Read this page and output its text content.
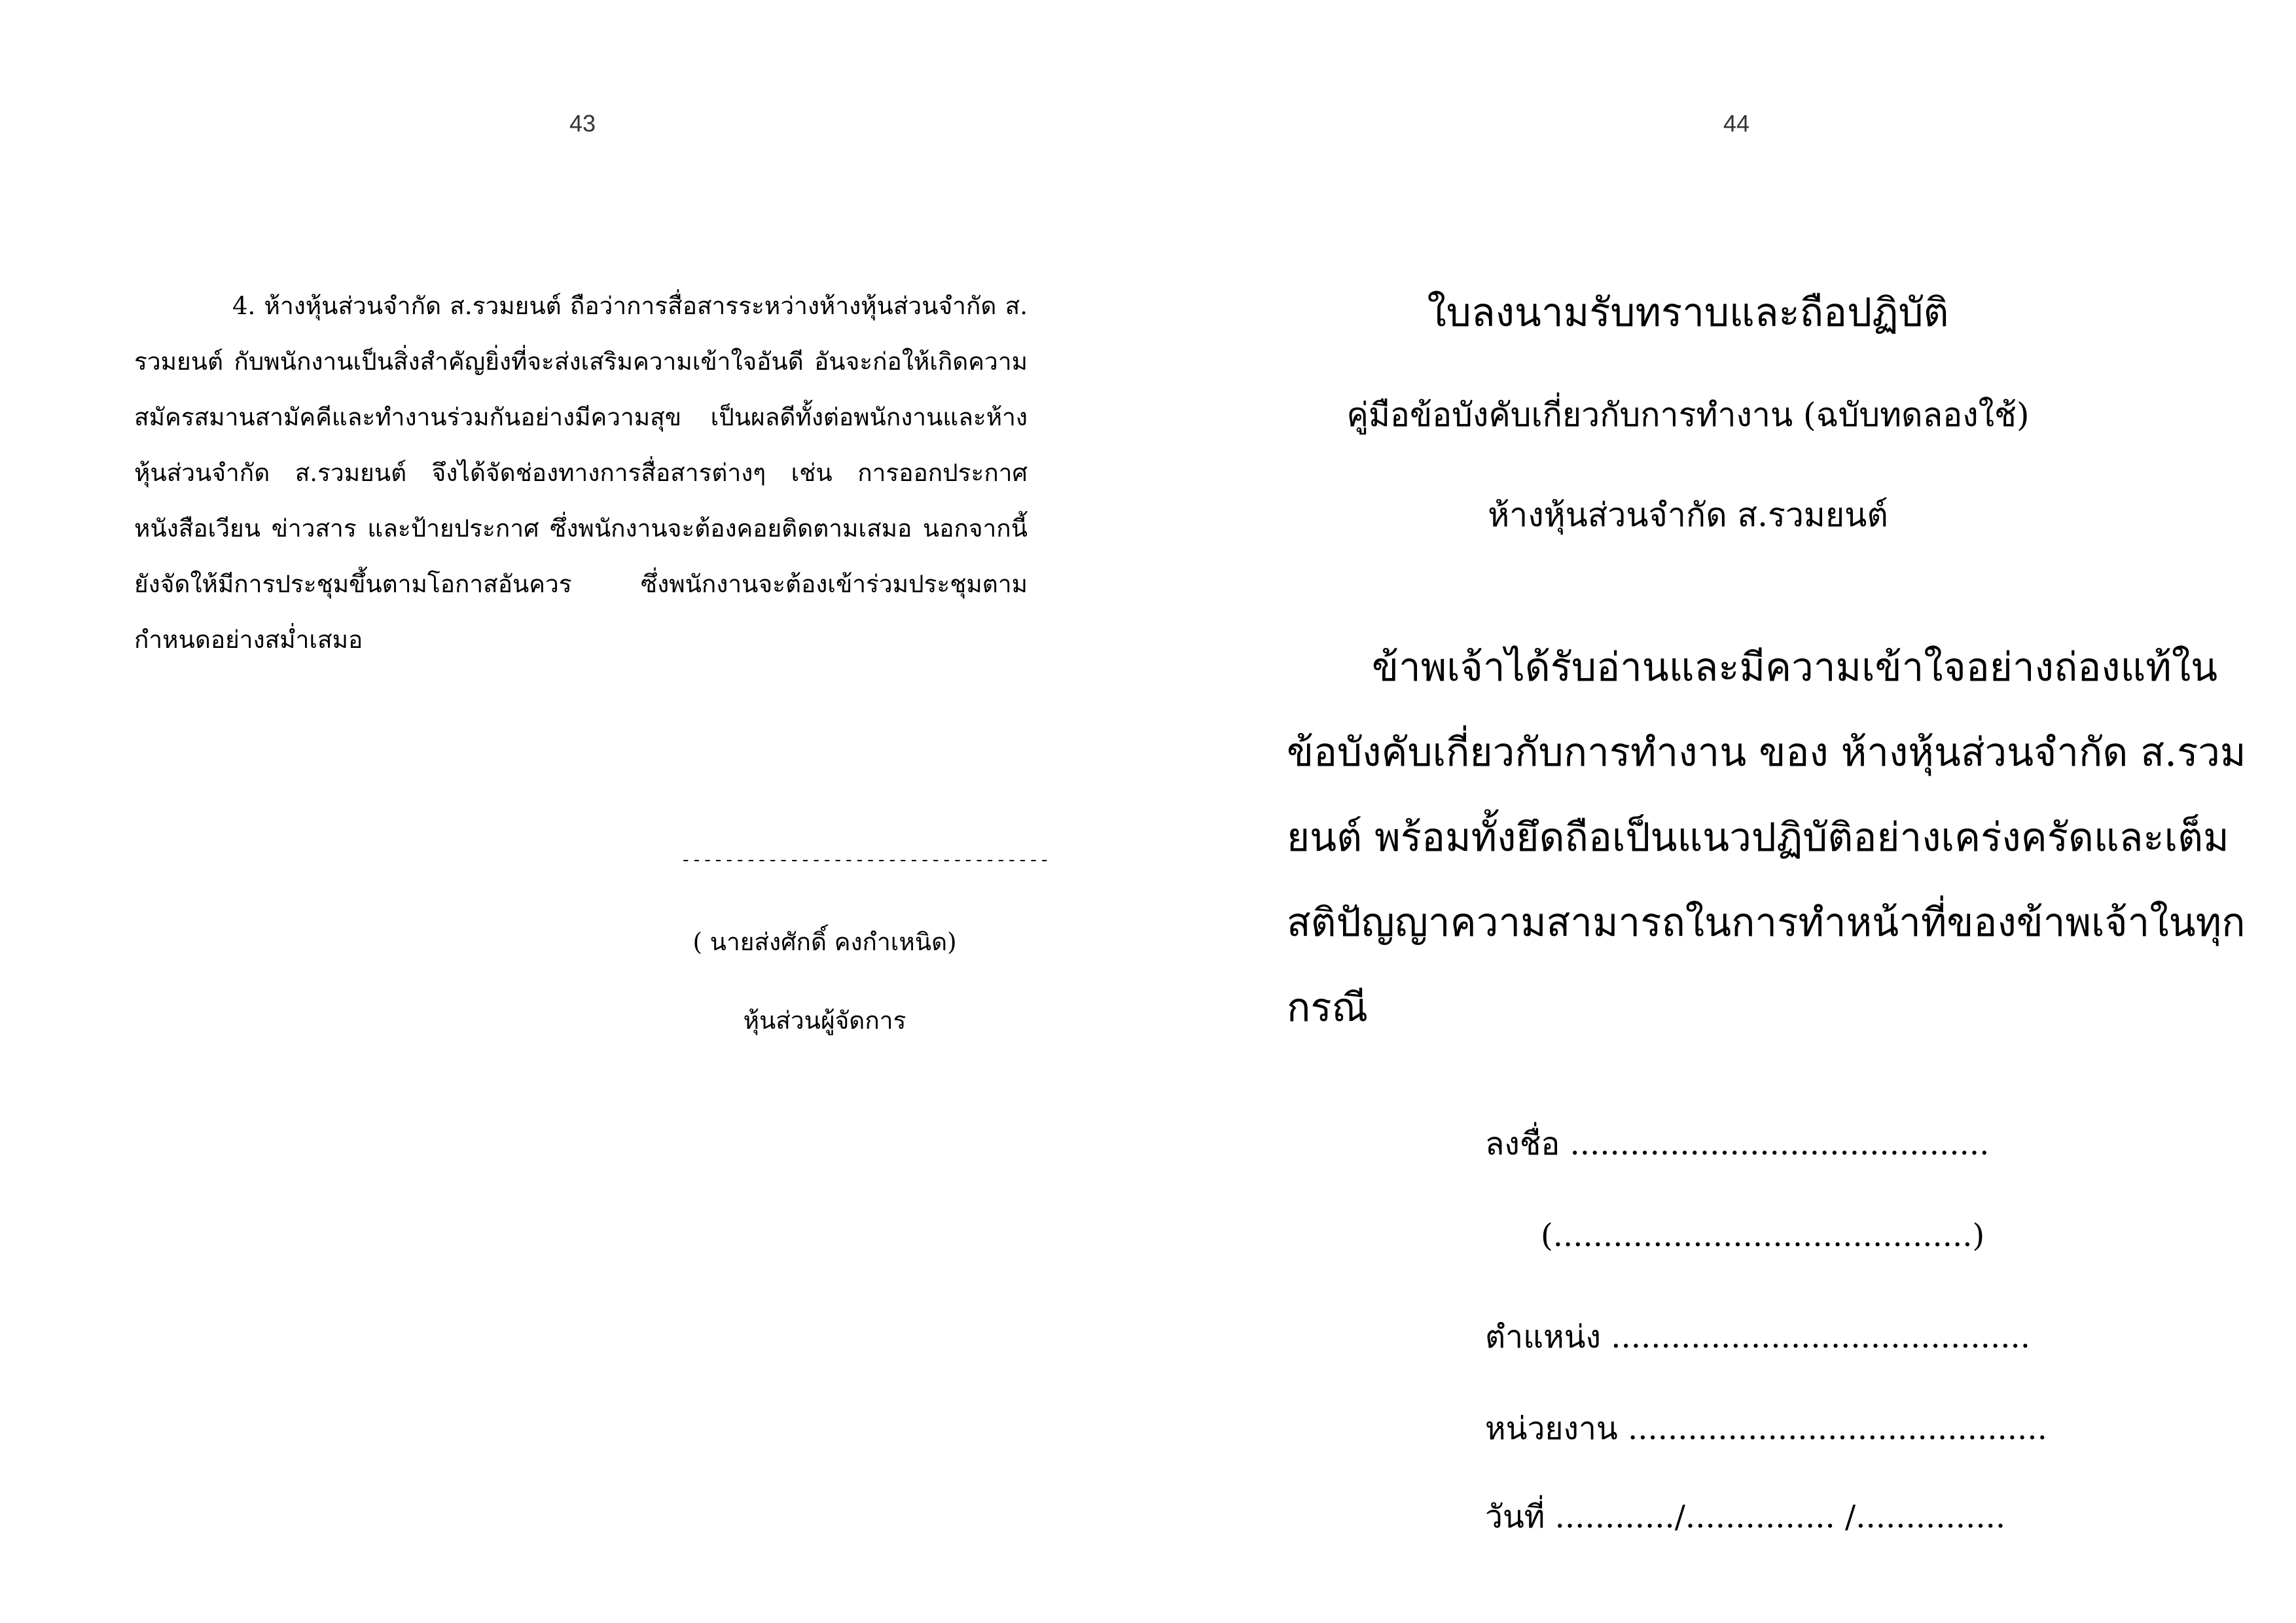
43
4. ห้างหุ้นส่วนจำกัด ส.รวมยนต์ ถือว่าการสื่อสารระหว่างห้างหุ้นส่วนจำกัด ส.
รวมยนต์ กับพนักงานเป็นสิ่งสำคัญยิ่งที่จะส่งเสริมความเข้าใจอันดี อันจะก่อให้เกิดความ
สมัครสมานสามัคคีและทำงานร่วมกันอย่างมีความสุข เป็นผลดีทั้งต่อพนักงานและห้าง
หุ้นส่วนจำกัด ส.รวมยนต์ จึงได้จัดช่องทางการสื่อสารต่างๆ เช่น การออกประกาศ
หนังสือเวียน ข่าวสาร และป้ายประกาศ ซึ่งพนักงานจะต้องคอยติดตามเสมอ นอกจากนี้
ยังจัดให้มีการประชุมขึ้นตามโอกาสอันควร ซึ่งพนักงานจะต้องเข้าร่วมประชุมตาม
กำหนดอย่างสม่ำเสมอ
----------------------------------
( นายส่งศักดิ์ คงกำเหนิด)
หุ้นส่วนผู้จัดการ
44
ใบลงนามรับทราบและถือปฏิบัติ
คู่มือข้อบังคับเกี่ยวกับการทำงาน (ฉบับทดลองใช้)
ห้างหุ้นส่วนจำกัด ส.รวมยนต์
ข้าพเจ้าได้รับอ่านและมีความเข้าใจอย่างถ่องแท้ใน
ข้อบังคับเกี่ยวกับการทำงาน ของ ห้างหุ้นส่วนจำกัด ส.รวม
ยนต์ พร้อมทั้งยึดถือเป็นแนวปฏิบัติอย่างเคร่งครัดและเต็ม
สติปัญญาความสามารถในการทำหน้าที่ของข้าพเจ้าในทุก
กรณี
ลงชื่อ ..........................................
(..........................................)
ตำแหน่ง ..........................................
หน่วยงาน ..........................................
วันที่ ............/............... /...............
